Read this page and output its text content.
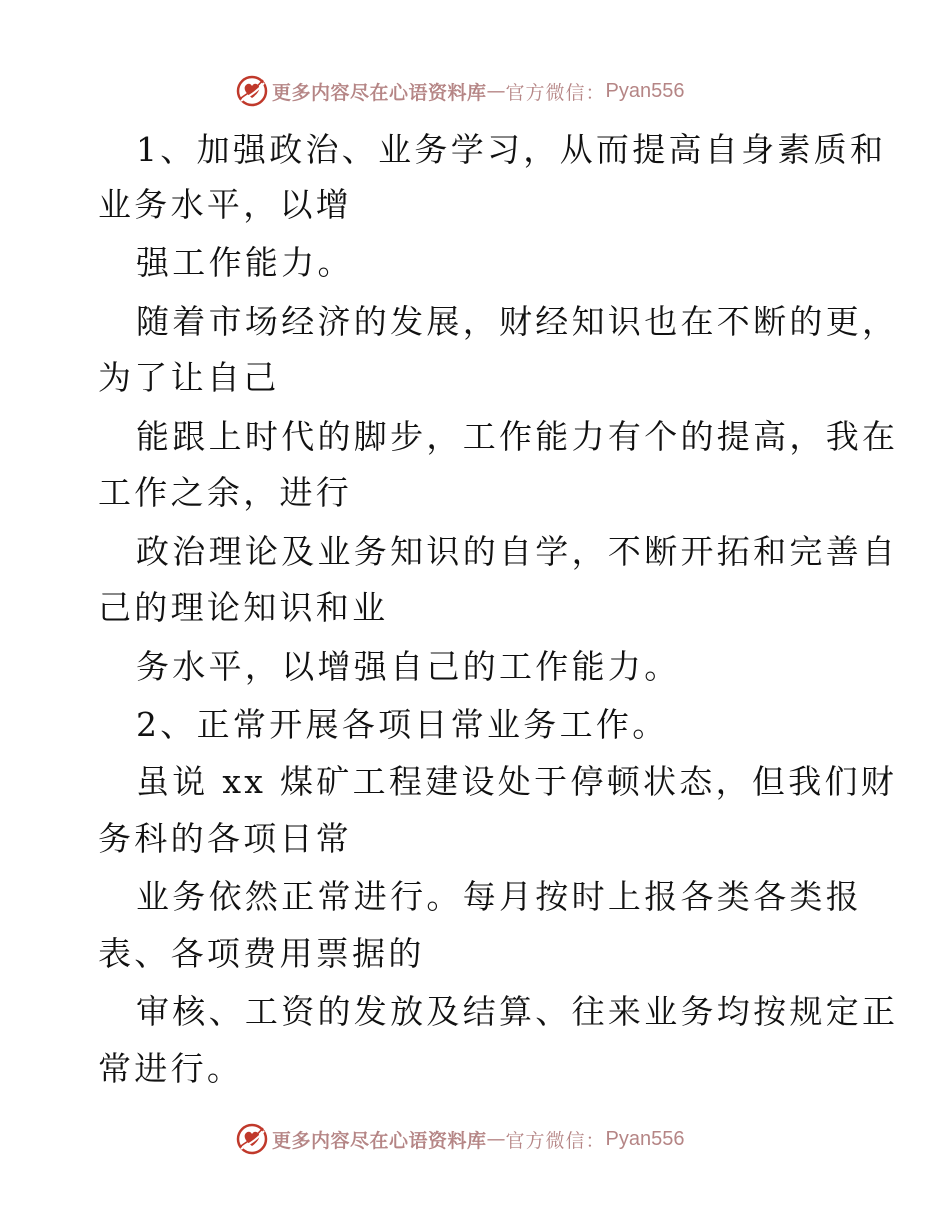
更多内容尽在心语资料库 — 官方微信： Pyan556
1、加强政治、业务学习，从而提高自身素质和
业务水平，以增
强工作能力。
随着市场经济的发展，财经知识也在不断的更，
为了让自己
能跟上时代的脚步，工作能力有个的提高，我在
工作之余，进行
政治理论及业务知识的自学，不断开拓和完善自
己的理论知识和业
务水平，以增强自己的工作能力。
2、正常开展各项日常业务工作。
虽说 xx 煤矿工程建设处于停顿状态，但我们财
务科的各项日常
业务依然正常进行。每月按时上报各类各类报
表、各项费用票据的
审核、工资的发放及结算、往来业务均按规定正
常进行。
更多内容尽在心语资料库 — 官方微信： Pyan556
